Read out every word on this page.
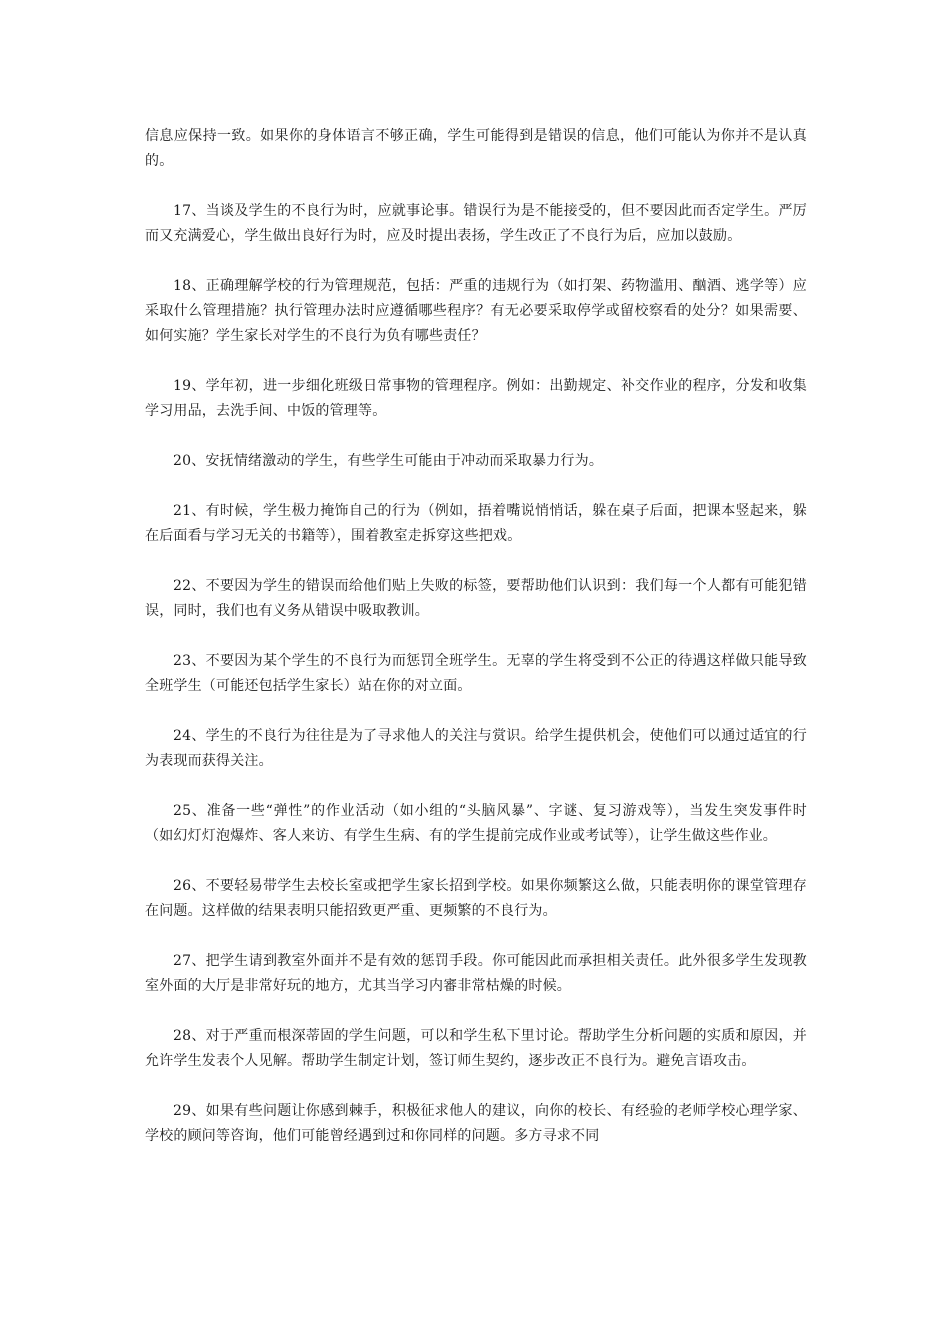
信息应保持一致。如果你的身体语言不够正确，学生可能得到是错误的信息，他们可能认为你并不是认真的。

17、当谈及学生的不良行为时，应就事论事。错误行为是不能接受的，但不要因此而否定学生。严厉而又充满爱心，学生做出良好行为时，应及时提出表扬，学生改正了不良行为后，应加以鼓励。

18、正确理解学校的行为管理规范，包括：严重的违规行为（如打架、药物滥用、酗酒、逃学等）应采取什么管理措施？执行管理办法时应遵循哪些程序？有无必要采取停学或留校察看的处分？如果需要、如何实施？学生家长对学生的不良行为负有哪些责任？

19、学年初，进一步细化班级日常事物的管理程序。例如：出勤规定、补交作业的程序，分发和收集学习用品，去洗手间、中饭的管理等。

20、安抚情绪激动的学生，有些学生可能由于冲动而采取暴力行为。

21、有时候，学生极力掩饰自己的行为（例如，捂着嘴说悄悄话，躲在桌子后面，把课本竖起来，躲在后面看与学习无关的书籍等），围着教室走拆穿这些把戏。

22、不要因为学生的错误而给他们贴上失败的标签，要帮助他们认识到：我们每一个人都有可能犯错误，同时，我们也有义务从错误中吸取教训。

23、不要因为某个学生的不良行为而惩罚全班学生。无辜的学生将受到不公正的待遇这样做只能导致全班学生（可能还包括学生家长）站在你的对立面。

24、学生的不良行为往往是为了寻求他人的关注与赏识。给学生提供机会，使他们可以通过适宜的行为表现而获得关注。

25、准备一些“弹性”的作业活动（如小组的“头脑风暴”、字谜、复习游戏等），当发生突发事件时（如幻灯灯泡爆炸、客人来访、有学生生病、有的学生提前完成作业或考试等），让学生做这些作业。

26、不要轻易带学生去校长室或把学生家长招到学校。如果你频繁这么做，只能表明你的课堂管理存在问题。这样做的结果表明只能招致更严重、更频繁的不良行为。

27、把学生请到教室外面并不是有效的惩罚手段。你可能因此而承担相关责任。此外很多学生发现教室外面的大厅是非常好玩的地方，尤其当学习内審非常枯燥的时候。

28、对于严重而根深蒂固的学生问题，可以和学生私下里讨论。帮助学生分析问题的实质和原因，并允许学生发表个人见解。帮助学生制定计划，签订师生契约，逐步改正不良行为。避免言语攻击。

29、如果有些问题让你感到棘手，积极征求他人的建议，向你的校长、有经验的老师学校心理学家、学校的顾问等咨询，他们可能曾经遇到过和你同样的问题。多方寻求不同
